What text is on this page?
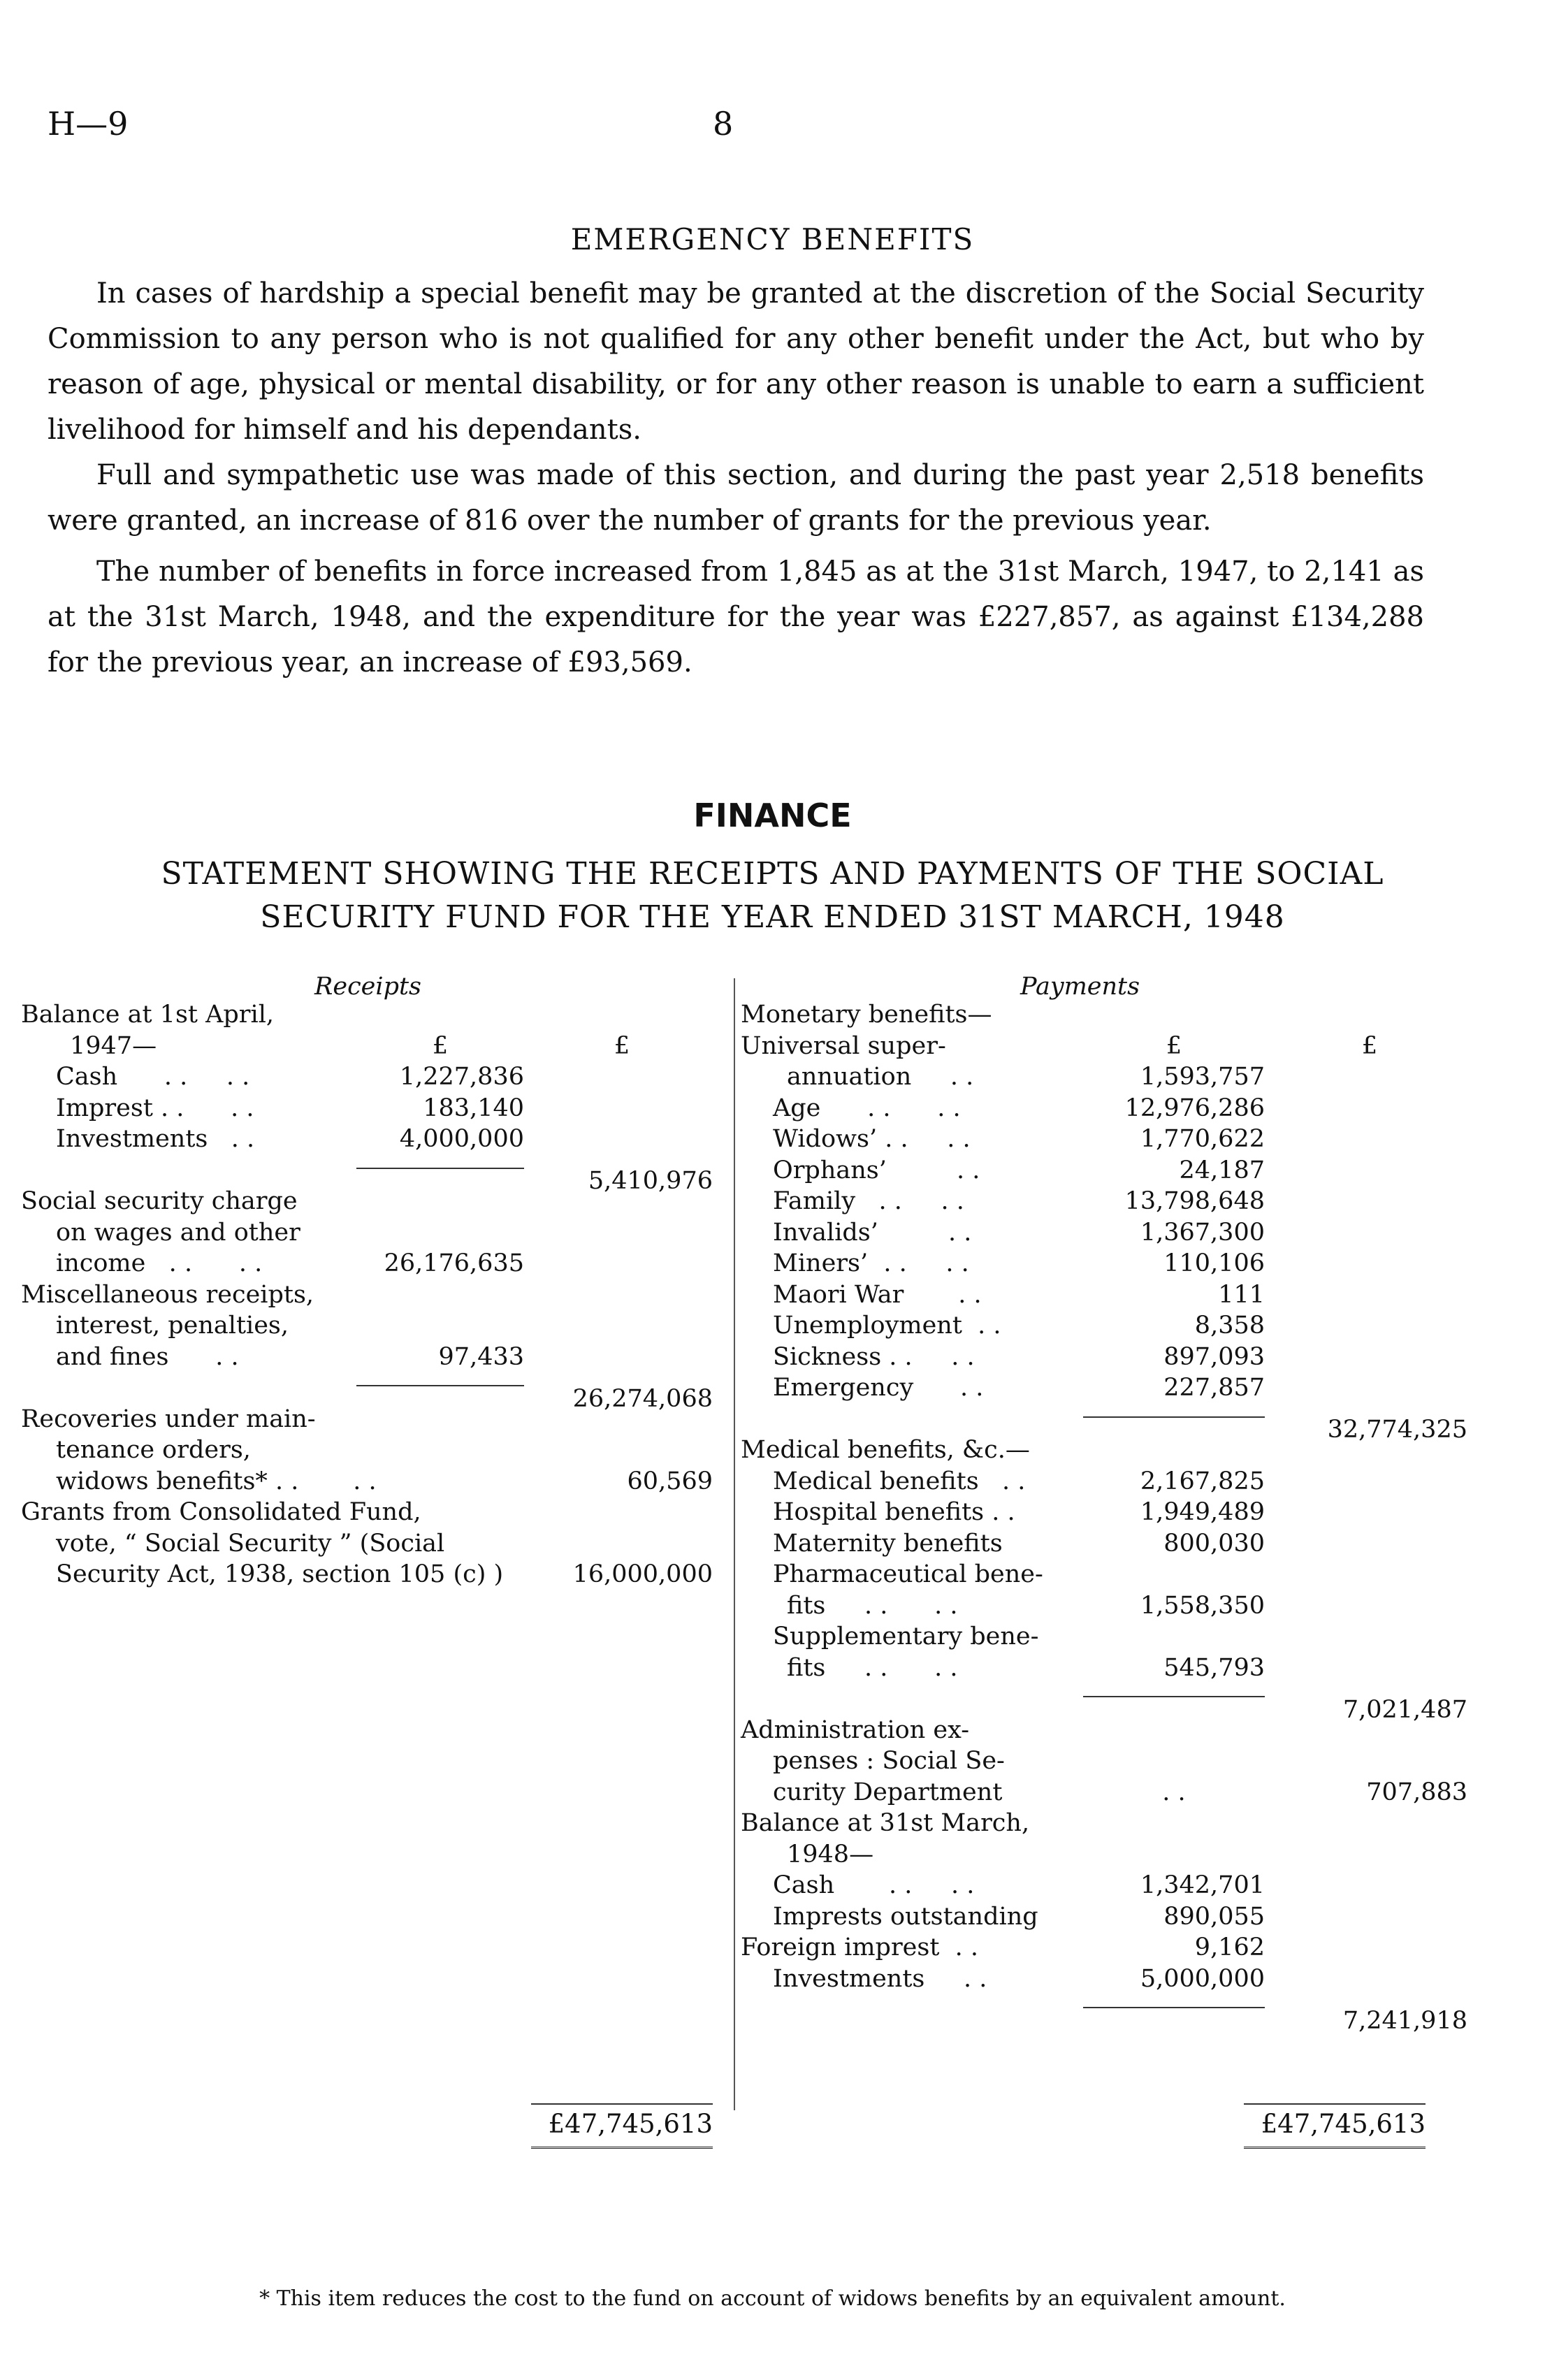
H—9	8
EMERGENCY BENEFITS

In cases of hardship a special benefit may be granted at the discretion of the Social Security Commission to any person who is not qualified for any other benefit under the Act, but who by reason of age, physical or mental disability, or for any other reason is unable to earn a sufficient livelihood for himself and his dependants.

Full and sympathetic use was made of this section, and during the past year 2,518 benefits were granted, an increase of 816 over the number of grants for the previous year.

The number of benefits in force increased from 1,845 as at the 31st March, 1947, to 2,141 as at the 31st March, 1948, and the expenditure for the year was £227,857, as against £134,288 for the previous year, an increase of £93,569.

FINANCE
STATEMENT SHOWING THE RECEIPTS AND PAYMENTS OF THE SOCIAL
SECURITY FUND FOR THE YEAR ENDED 31ST MARCH, 1948
Receipts
Balance at 1st April,
1947—	£	£
Cash      . .     . .	1,227,836
Imprest . .      . .	183,140
Investments   . .	4,000,000
5,410,976
Social security charge
on wages and other
income   . .      . .	26,176,635
Miscellaneous receipts,
interest, penalties,
and fines      . .	97,433
26,274,068
Recoveries under main-
tenance orders,
widows benefits* . .       . .	60,569
Grants from Consolidated Fund,
vote, “ Social Security ” (Social
Security Act, 1938, section 105 (c) )	16,000,000
Payments
Monetary benefits—
Universal super-	£	£
annuation     . .	1,593,757
Age      . .      . .	12,976,286
Widows’ . .     . .	1,770,622
Orphans’         . .	24,187
Family   . .     . .	13,798,648
Invalids’         . .	1,367,300
Miners’  . .     . .	110,106
Maori War       . .	111
Unemployment  . .	8,358
Sickness . .     . .	897,093
Emergency      . .	227,857
32,774,325
Medical benefits, &c.—
Medical benefits   . .	2,167,825
Hospital benefits . .	1,949,489
Maternity benefits	800,030
Pharmaceutical bene-
fits     . .      . .	1,558,350
Supplementary bene-
fits     . .      . .	545,793
7,021,487
Administration ex-
penses : Social Se-
curity Department	. .	707,883
Balance at 31st March,
1948—
Cash       . .     . .	1,342,701
Imprests outstanding	890,055
Foreign imprest  . .	9,162
Investments     . .	5,000,000
7,241,918
£47,745,613	£47,745,613
* This item reduces the cost to the fund on account of widows benefits by an equivalent amount.
